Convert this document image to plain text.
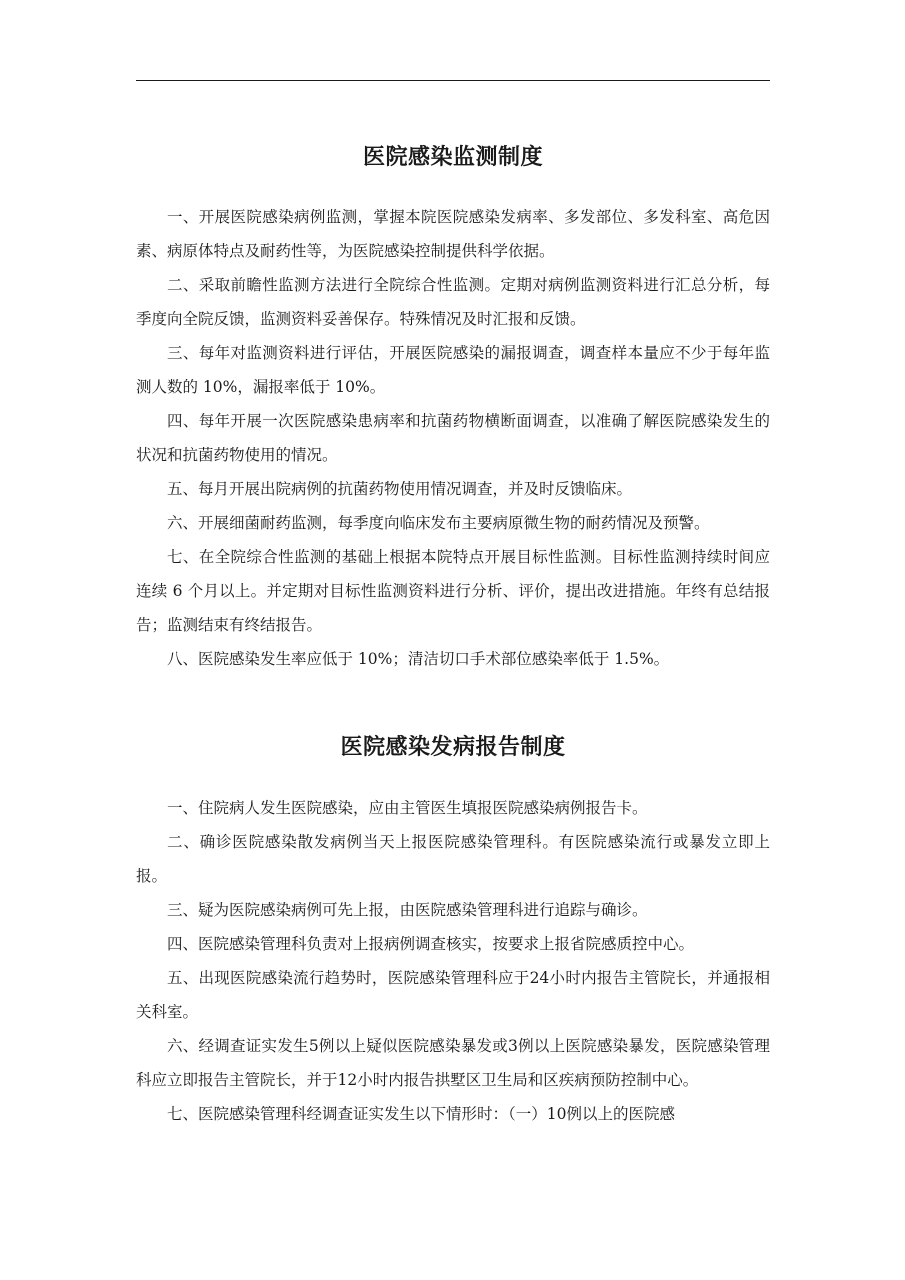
医院感染监测制度

一、开展医院感染病例监测，掌握本院医院感染发病率、多发部位、多发科室、高危因素、病原体特点及耐药性等，为医院感染控制提供科学依据。

二、采取前瞻性监测方法进行全院综合性监测。定期对病例监测资料进行汇总分析，每季度向全院反馈，监测资料妥善保存。特殊情况及时汇报和反馈。

三、每年对监测资料进行评估，开展医院感染的漏报调查，调查样本量应不少于每年监测人数的 10%，漏报率低于 10%。

四、每年开展一次医院感染患病率和抗菌药物横断面调查，以准确了解医院感染发生的状况和抗菌药物使用的情况。

五、每月开展出院病例的抗菌药物使用情况调查，并及时反馈临床。

六、开展细菌耐药监测，每季度向临床发布主要病原微生物的耐药情况及预警。

七、在全院综合性监测的基础上根据本院特点开展目标性监测。目标性监测持续时间应连续 6 个月以上。并定期对目标性监测资料进行分析、评价，提出改进措施。年终有总结报告；监测结束有终结报告。

八、医院感染发生率应低于 10%；清洁切口手术部位感染率低于 1.5%。

医院感染发病报告制度

一、住院病人发生医院感染，应由主管医生填报医院感染病例报告卡。

二、确诊医院感染散发病例当天上报医院感染管理科。有医院感染流行或暴发立即上报。

三、疑为医院感染病例可先上报，由医院感染管理科进行追踪与确诊。

四、医院感染管理科负责对上报病例调查核实，按要求上报省院感质控中心。

五、出现医院感染流行趋势时，医院感染管理科应于24小时内报告主管院长，并通报相关科室。

六、经调查证实发生5例以上疑似医院感染暴发或3例以上医院感染暴发，医院感染管理科应立即报告主管院长，并于12小时内报告拱墅区卫生局和区疾病预防控制中心。

七、医院感染管理科经调查证实发生以下情形时：（一）10例以上的医院感
